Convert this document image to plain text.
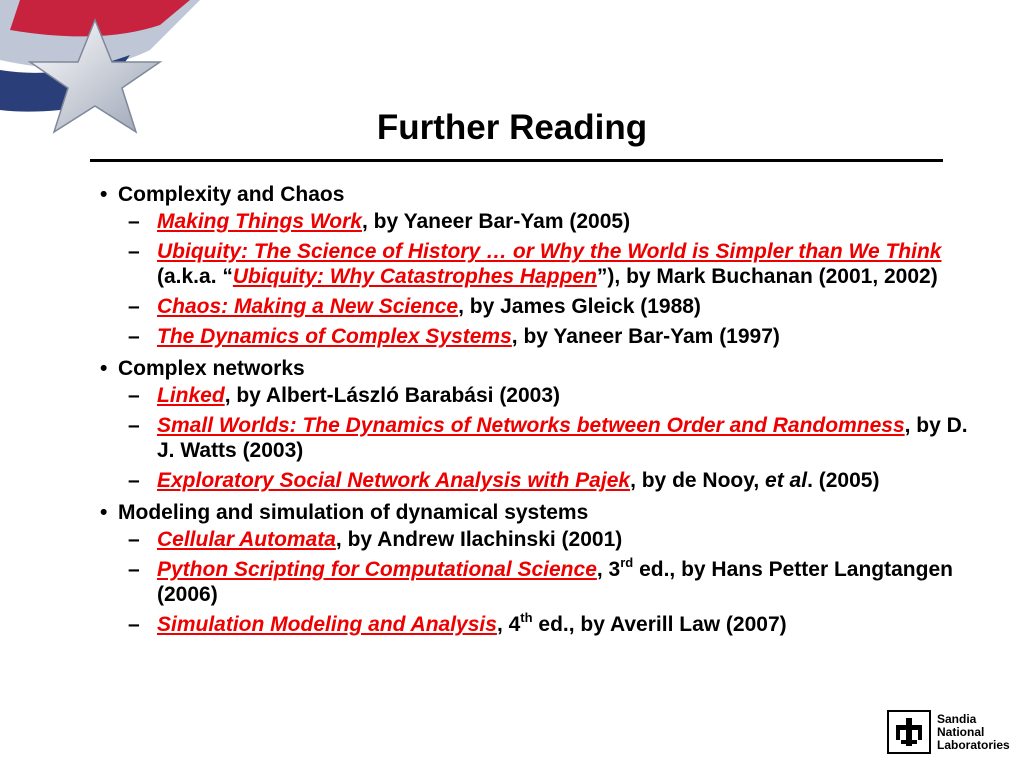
Further Reading
• Complexity and Chaos
– Making Things Work, by Yaneer Bar-Yam (2005)
– Ubiquity: The Science of History … or Why the World is Simpler than We Think (a.k.a. “Ubiquity: Why Catastrophes Happen”), by Mark Buchanan (2001, 2002)
– Chaos: Making a New Science, by James Gleick (1988)
– The Dynamics of Complex Systems, by Yaneer Bar-Yam (1997)
• Complex networks
– Linked, by Albert-László Barabási (2003)
– Small Worlds: The Dynamics of Networks between Order and Randomness, by D. J. Watts (2003)
– Exploratory Social Network Analysis with Pajek, by de Nooy, et al. (2005)
• Modeling and simulation of dynamical systems
– Cellular Automata, by Andrew Ilachinski (2001)
– Python Scripting for Computational Science, 3rd ed., by Hans Petter Langtangen (2006)
– Simulation Modeling and Analysis, 4th ed., by Averill Law (2007)
Sandia
National
Laboratories
